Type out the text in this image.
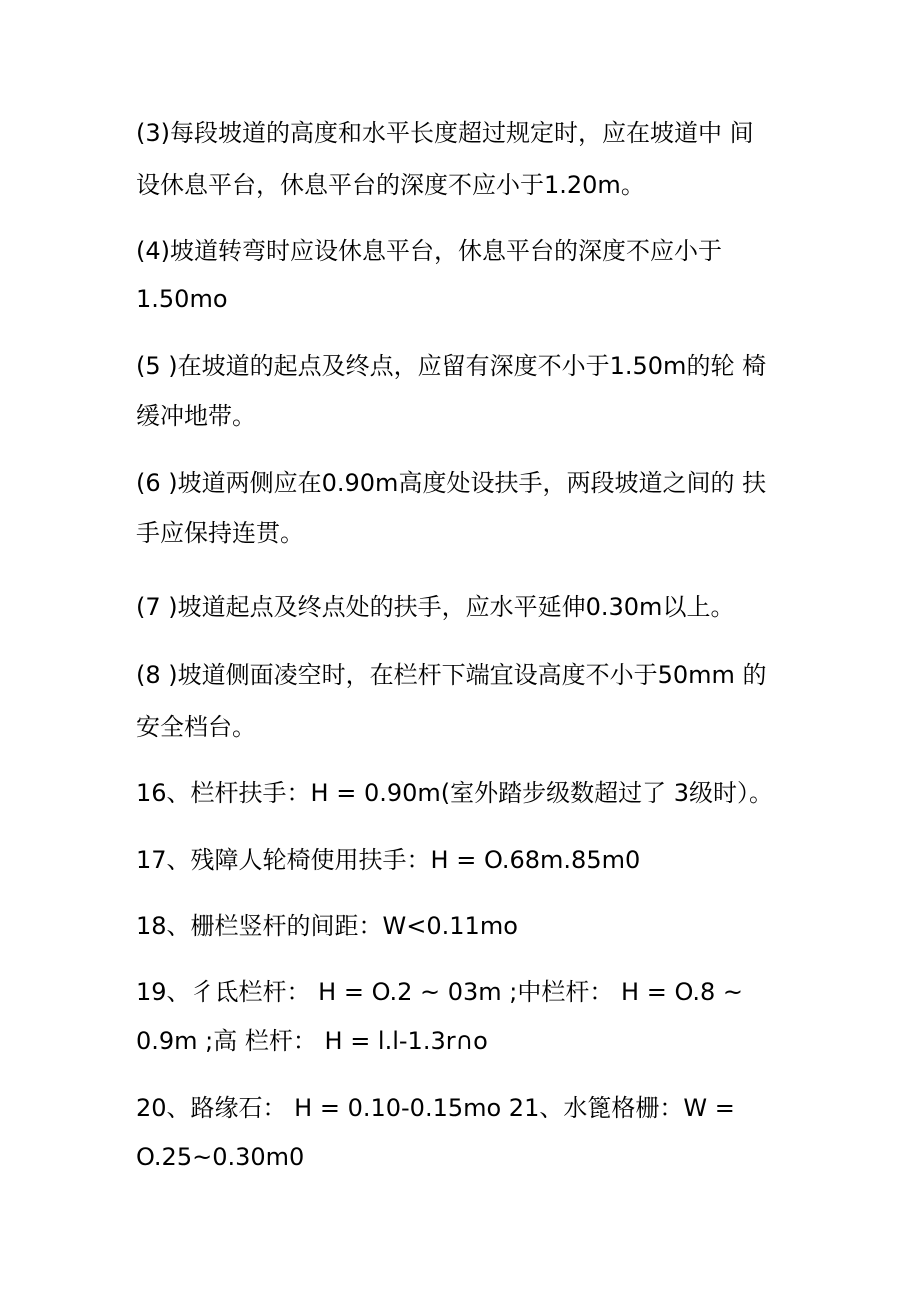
(3)每段坡道的高度和水平长度超过规定时，应在坡道中 间
设休息平台，休息平台的深度不应小于1.20m。
(4)坡道转弯时应设休息平台，休息平台的深度不应小于
1.50mo
(5 )在坡道的起点及终点，应留有深度不小于1.50m的轮 椅
缓冲地带。
(6 )坡道两侧应在0.90m高度处设扶手，两段坡道之间的 扶
手应保持连贯。
(7 )坡道起点及终点处的扶手，应水平延伸0.30m以上。
(8 )坡道侧面凌空时，在栏杆下端宜设高度不小于50mm 的
安全档台。
16、栏杆扶手：H = 0.90m(室外踏步级数超过了 3级时）。
17、残障人轮椅使用扶手：H = O.68m.85m0
18、栅栏竖杆的间距：W<0.11mo
19、彳氐栏杆： H = O.2 ~ 03m ;中栏杆： H = O.8 ~
0.9m ;高 栏杆： H = l.l-1.3r∩o
20、路缘石： H = 0.10-0.15mo 21、水篦格栅：W =
O.25~0.30m0
